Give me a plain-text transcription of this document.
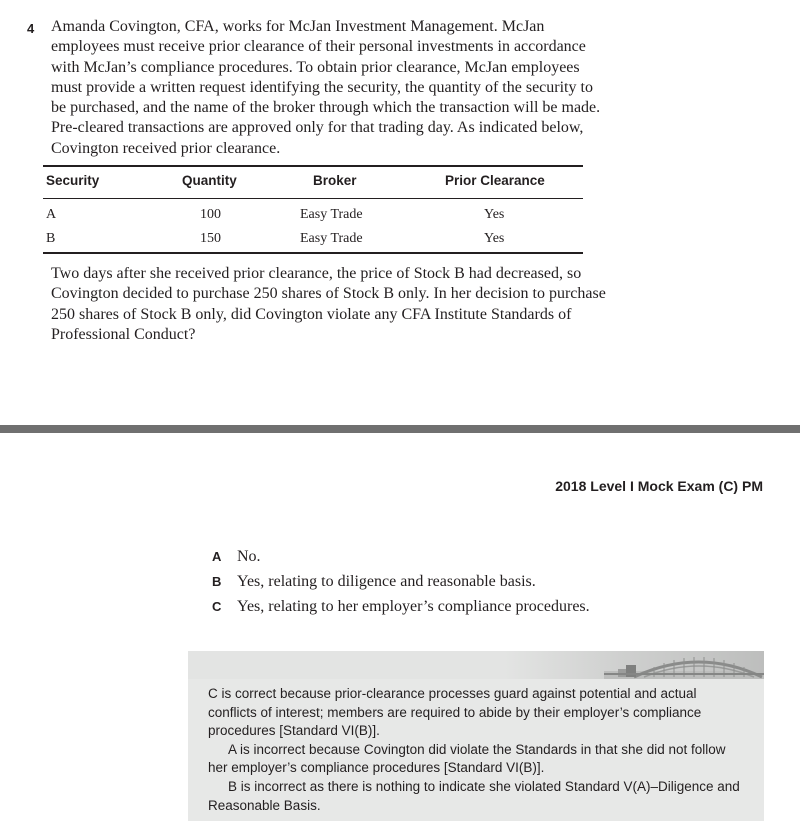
4 Amanda Covington, CFA, works for McJan Investment Management. McJan employees must receive prior clearance of their personal investments in accordance with McJan’s compliance procedures. To obtain prior clearance, McJan employees must provide a written request identifying the security, the quantity of the security to be purchased, and the name of the broker through which the transaction will be made. Pre-cleared transactions are approved only for that trading day. As indicated below, Covington received prior clearance.

Security	Quantity	Broker	Prior Clearance
A	100	Easy Trade	Yes
B	150	Easy Trade	Yes

Two days after she received prior clearance, the price of Stock B had decreased, so Covington decided to purchase 250 shares of Stock B only. In her decision to purchase 250 shares of Stock B only, did Covington violate any CFA Institute Standards of Professional Conduct?

2018 Level I Mock Exam (C) PM
A No.
B Yes, relating to diligence and reasonable basis.
C Yes, relating to her employer’s compliance procedures.

C is correct because prior-clearance processes guard against potential and actual conflicts of interest; members are required to abide by their employer’s compliance procedures [Standard VI(B)].

A is incorrect because Covington did violate the Standards in that she did not follow her employer’s compliance procedures [Standard VI(B)].

B is incorrect as there is nothing to indicate she violated Standard V(A)–Diligence and Reasonable Basis.
